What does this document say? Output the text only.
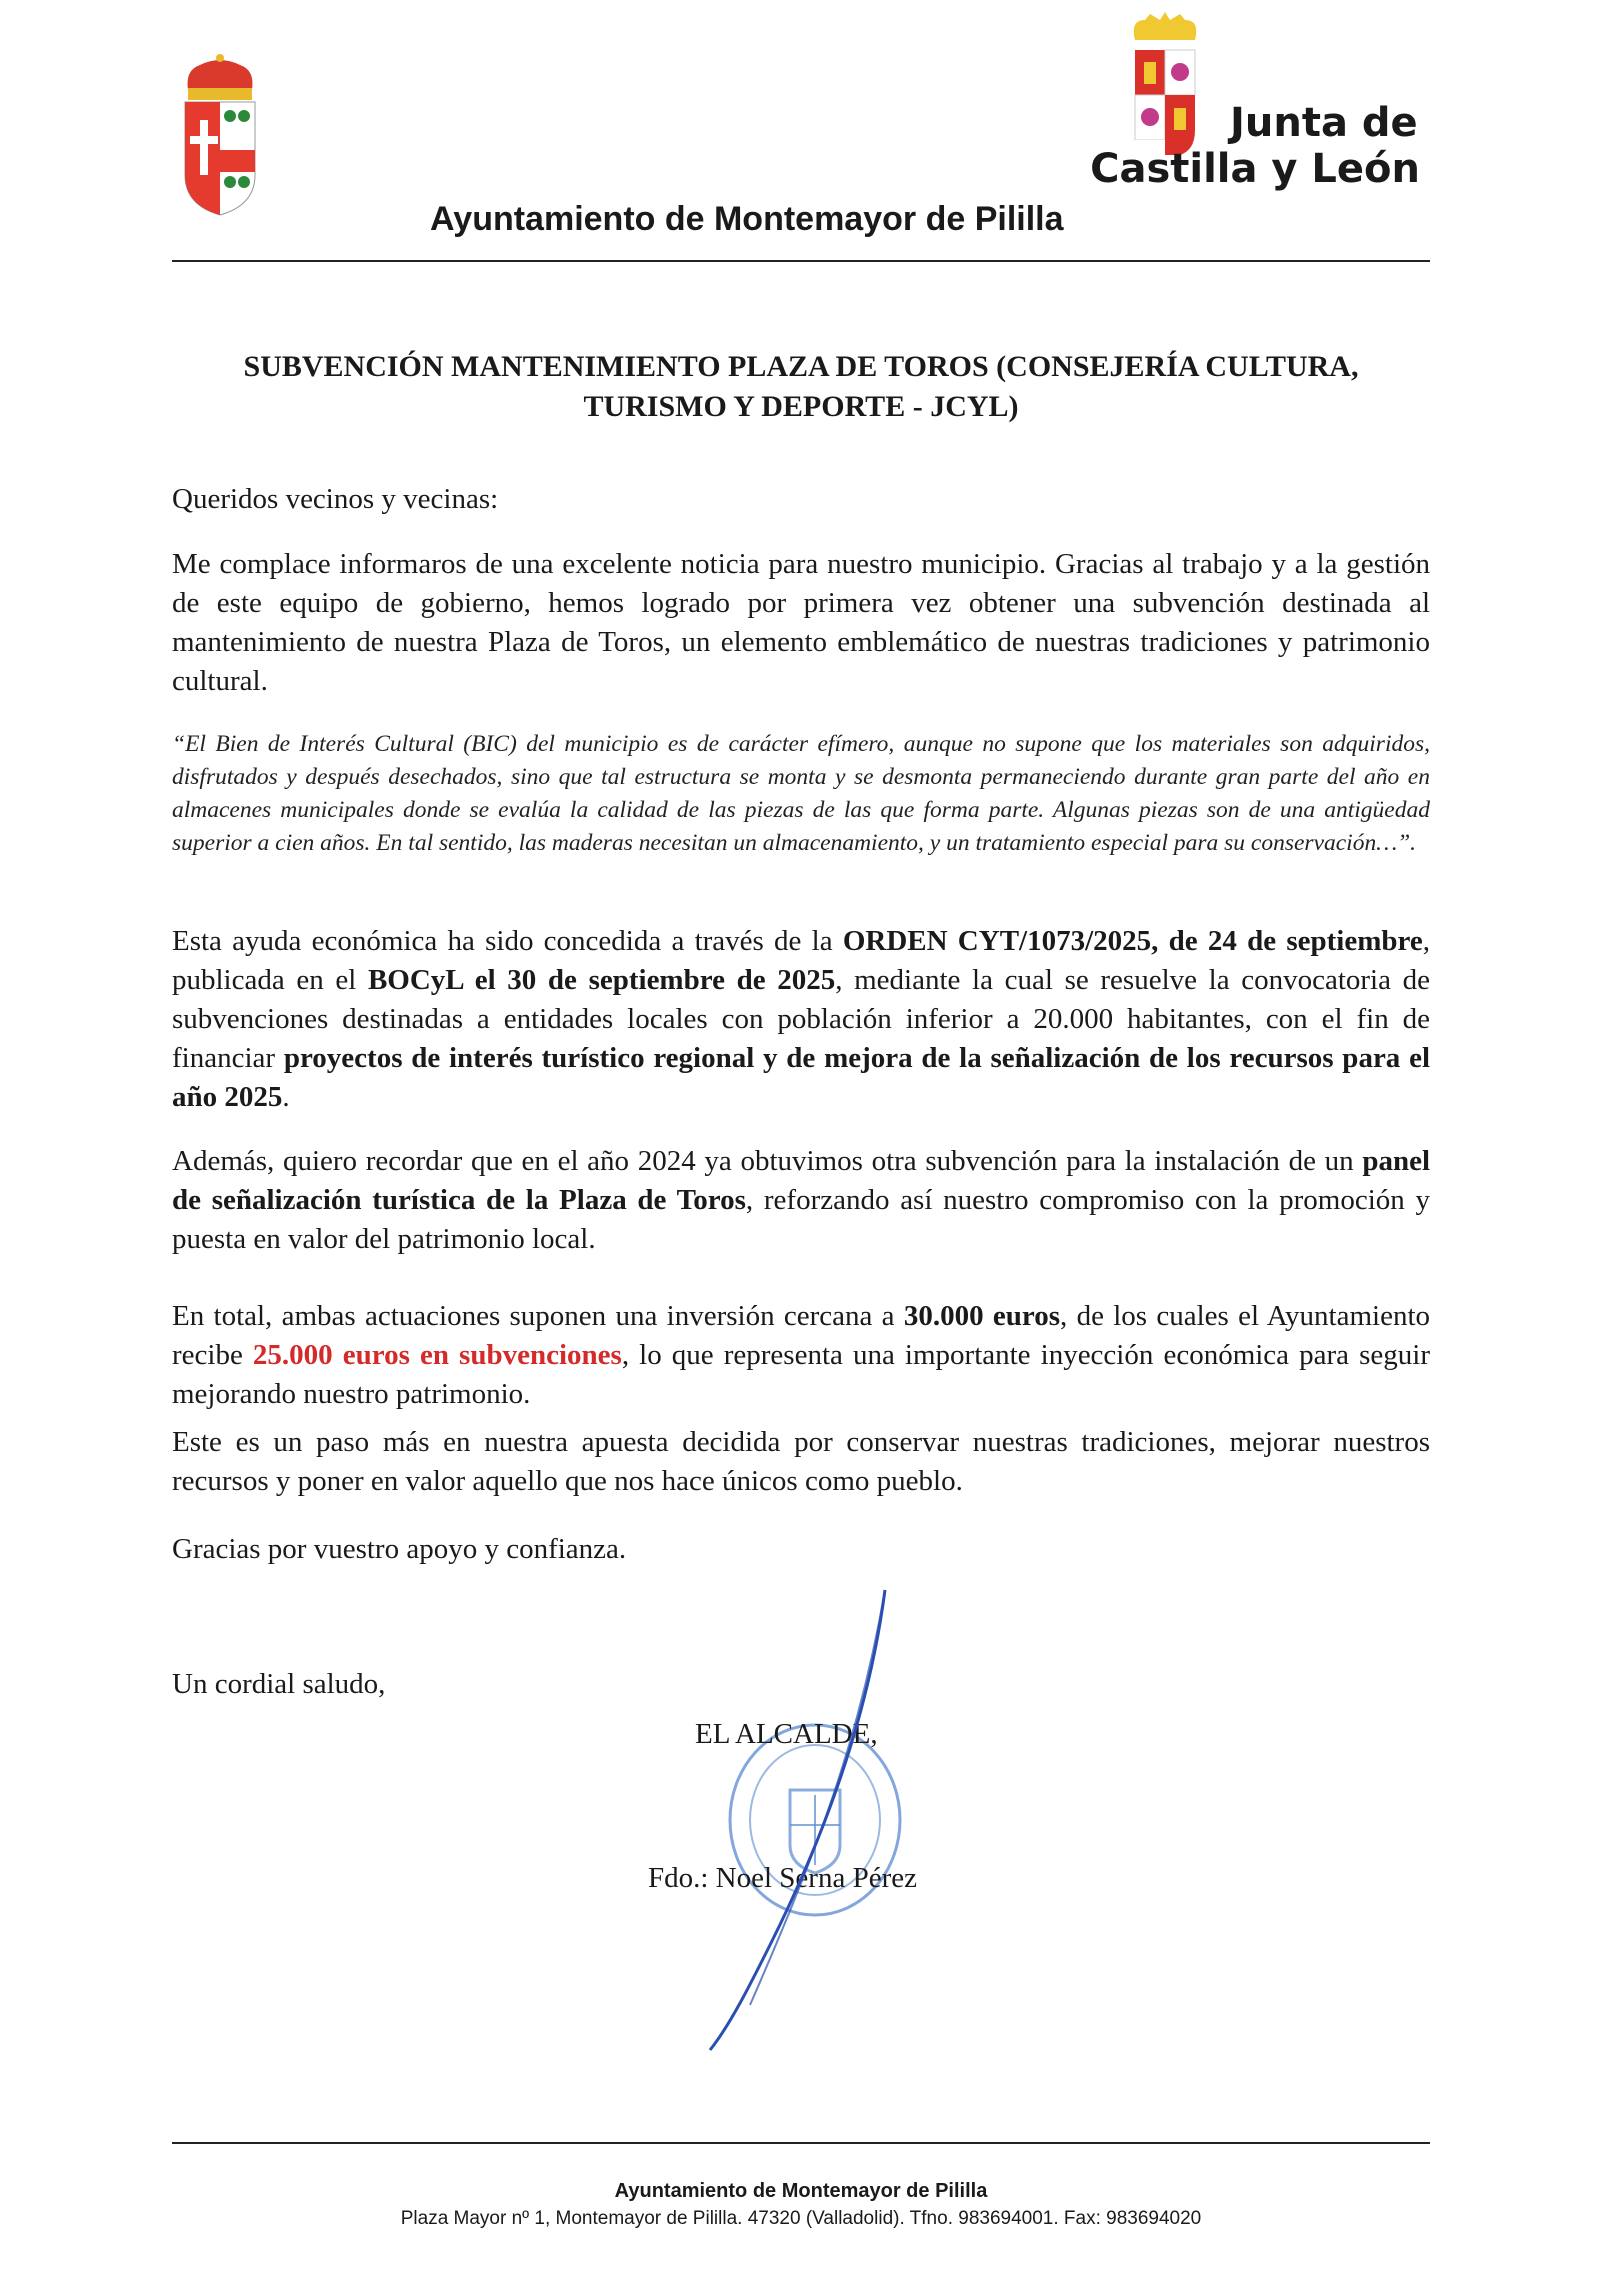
Junta de
Castilla y León
Ayuntamiento de Montemayor de Pililla
SUBVENCIÓN MANTENIMIENTO PLAZA DE TOROS (CONSEJERÍA CULTURA,
TURISMO Y DEPORTE - JCYL)
Queridos vecinos y vecinas:
Me complace informaros de una excelente noticia para nuestro municipio. Gracias al trabajo y a la gestión de este equipo de gobierno, hemos logrado por primera vez obtener una subvención destinada al mantenimiento de nuestra Plaza de Toros, un elemento emblemático de nuestras tradiciones y patrimonio cultural.
“El Bien de Interés Cultural (BIC) del municipio es de carácter efímero, aunque no supone que los materiales son adquiridos, disfrutados y después desechados, sino que tal estructura se monta y se desmonta permaneciendo durante gran parte del año en almacenes municipales donde se evalúa la calidad de las piezas de las que forma parte. Algunas piezas son de una antigüedad superior a cien años. En tal sentido, las maderas necesitan un almacenamiento, y un tratamiento especial para su conservación…”.
Esta ayuda económica ha sido concedida a través de la ORDEN CYT/1073/2025, de 24 de septiembre, publicada en el BOCyL el 30 de septiembre de 2025, mediante la cual se resuelve la convocatoria de subvenciones destinadas a entidades locales con población inferior a 20.000 habitantes, con el fin de financiar proyectos de interés turístico regional y de mejora de la señalización de los recursos para el año 2025.
Además, quiero recordar que en el año 2024 ya obtuvimos otra subvención para la instalación de un panel de señalización turística de la Plaza de Toros, reforzando así nuestro compromiso con la promoción y puesta en valor del patrimonio local.
En total, ambas actuaciones suponen una inversión cercana a 30.000 euros, de los cuales el Ayuntamiento recibe 25.000 euros en subvenciones, lo que representa una importante inyección económica para seguir mejorando nuestro patrimonio.
Este es un paso más en nuestra apuesta decidida por conservar nuestras tradiciones, mejorar nuestros recursos y poner en valor aquello que nos hace únicos como pueblo.
Gracias por vuestro apoyo y confianza.
Un cordial saludo,
EL ALCALDE,
Fdo.: Noel Serna Pérez
Ayuntamiento de Montemayor de Pililla
Plaza Mayor nº 1, Montemayor de Pililla. 47320 (Valladolid). Tfno. 983694001. Fax: 983694020
